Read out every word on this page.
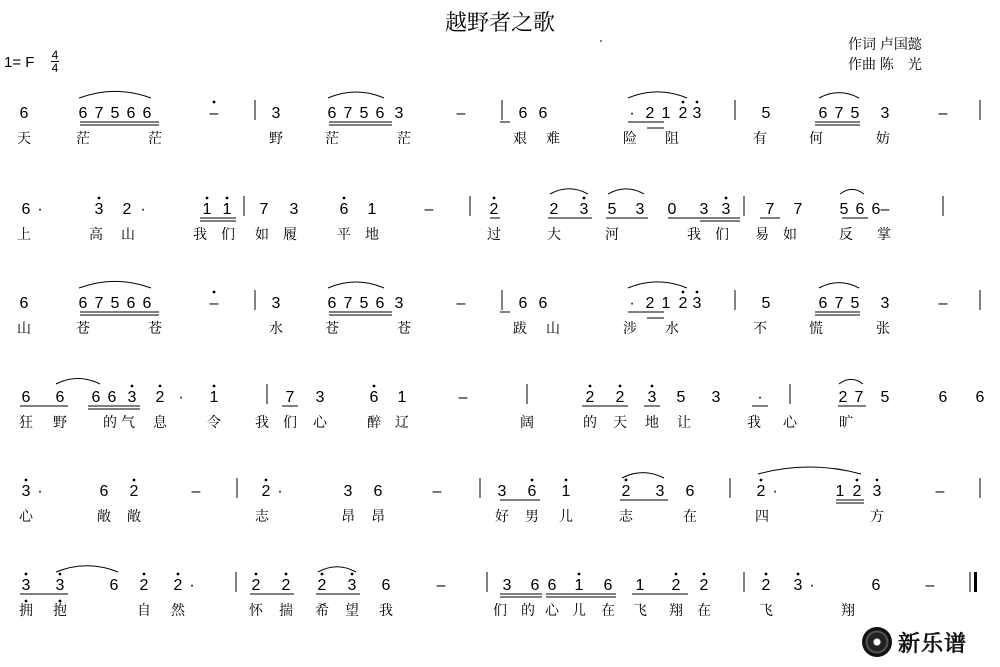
越野者之歌
作词 卢国懿
作曲 陈　光
1= F 4
4
6	6 7 5 6 6	–	3	6 7 5 6 3	–	6 6	· 2 1 2 3	5	6 7 5 3	–
天	茫	茫	野	茫	茫	艰 难	险 阻	有	何	妨
6 ·	3 2 ·	1 1 7 3	6 1	–	2	2 3 5 3 0 3 3 7 7 5 6 6 –
上	高 山	我 们 如 履	平 地	过	大	河	我 们 易 如	反 掌
6	6 7 5 6 6	–	3	6 7 5 6 3	–	6 6	· 2 1 2 3	5	6 7 5 3	–
山	苍	苍	水	苍	苍	跋 山	涉 水	不	慌	张
6 6 6 6 3 2 · 1	7 3	6 1	–	2 2 3 5 3 ·	2 7 5	6 6
狂 野	的 气 息	令 我 们 心	醉 辽	阔	的 天 地 让	我 心	旷
3 ·	6 2	–	2 ·	3 6	–	3 6 1	2 3 6	2 ·	1 2 3	–
心	敞 敞	志	昂 昂	好 男 儿	志	在	四	方
3 3	6 2 2 ·	2 2 2 3 6	–	3 6 6 1 6 1 2 2	2 3 ·	6	–
拥 抱	自 然	怀 揣 希 望 我	们 的 心 儿 在 飞 翔 在	飞	翔
新乐谱
